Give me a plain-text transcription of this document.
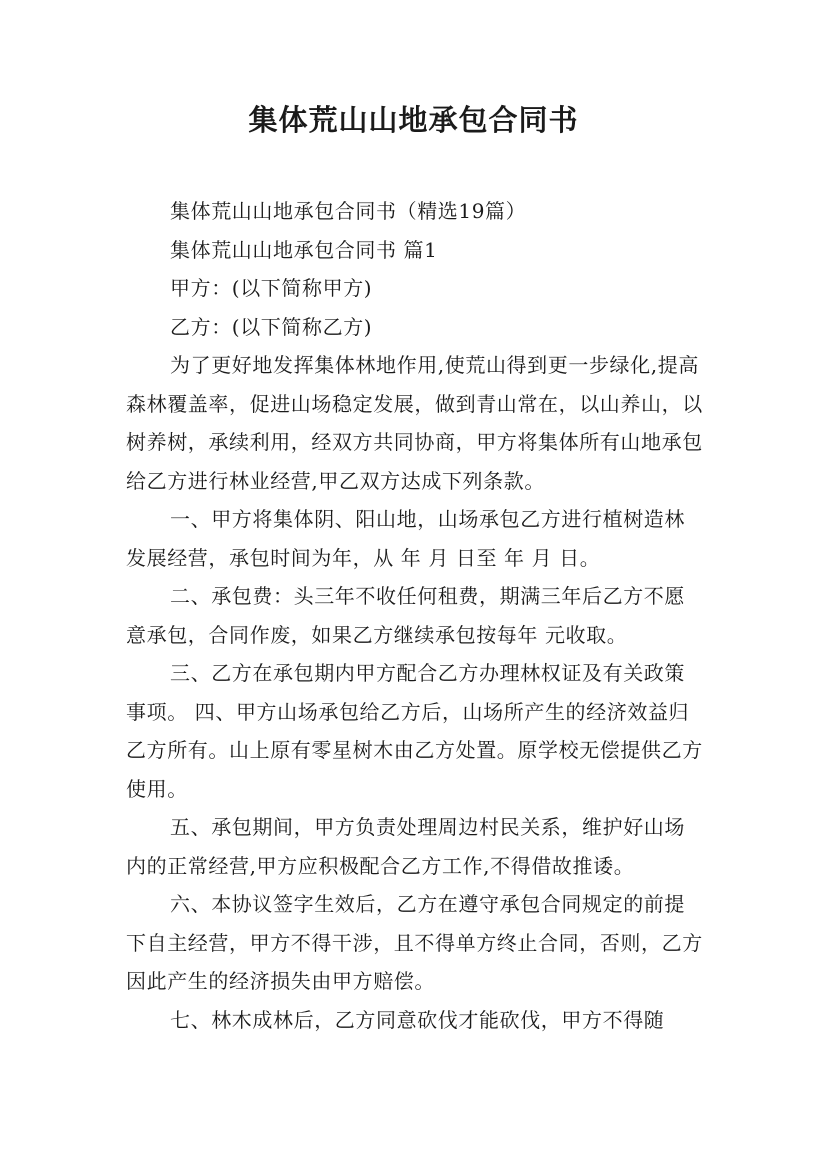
集体荒山山地承包合同书

集体荒山山地承包合同书（精选19篇）

集体荒山山地承包合同书 篇1

甲方：(以下简称甲方)

乙方：(以下简称乙方)

为了更好地发挥集体林地作用,使荒山得到更一步绿化,提高森林覆盖率，促进山场稳定发展，做到青山常在，以山养山，以树养树，承续利用，经双方共同协商，甲方将集体所有山地承包给乙方进行林业经营,甲乙双方达成下列条款。

一、甲方将集体阴、阳山地，山场承包乙方进行植树造林发展经营，承包时间为年，从 年 月 日至 年 月 日。

二、承包费：头三年不收任何租费，期满三年后乙方不愿意承包，合同作废，如果乙方继续承包按每年 元收取。

三、乙方在承包期内甲方配合乙方办理林权证及有关政策事项。 四、甲方山场承包给乙方后，山场所产生的经济效益归乙方所有。山上原有零星树木由乙方处置。原学校无偿提供乙方使用。

五、承包期间，甲方负责处理周边村民关系，维护好山场内的正常经营,甲方应积极配合乙方工作,不得借故推诿。

六、本协议签字生效后，乙方在遵守承包合同规定的前提下自主经营，甲方不得干涉，且不得单方终止合同，否则，乙方因此产生的经济损失由甲方赔偿。

七、林木成林后，乙方同意砍伐才能砍伐，甲方不得随
